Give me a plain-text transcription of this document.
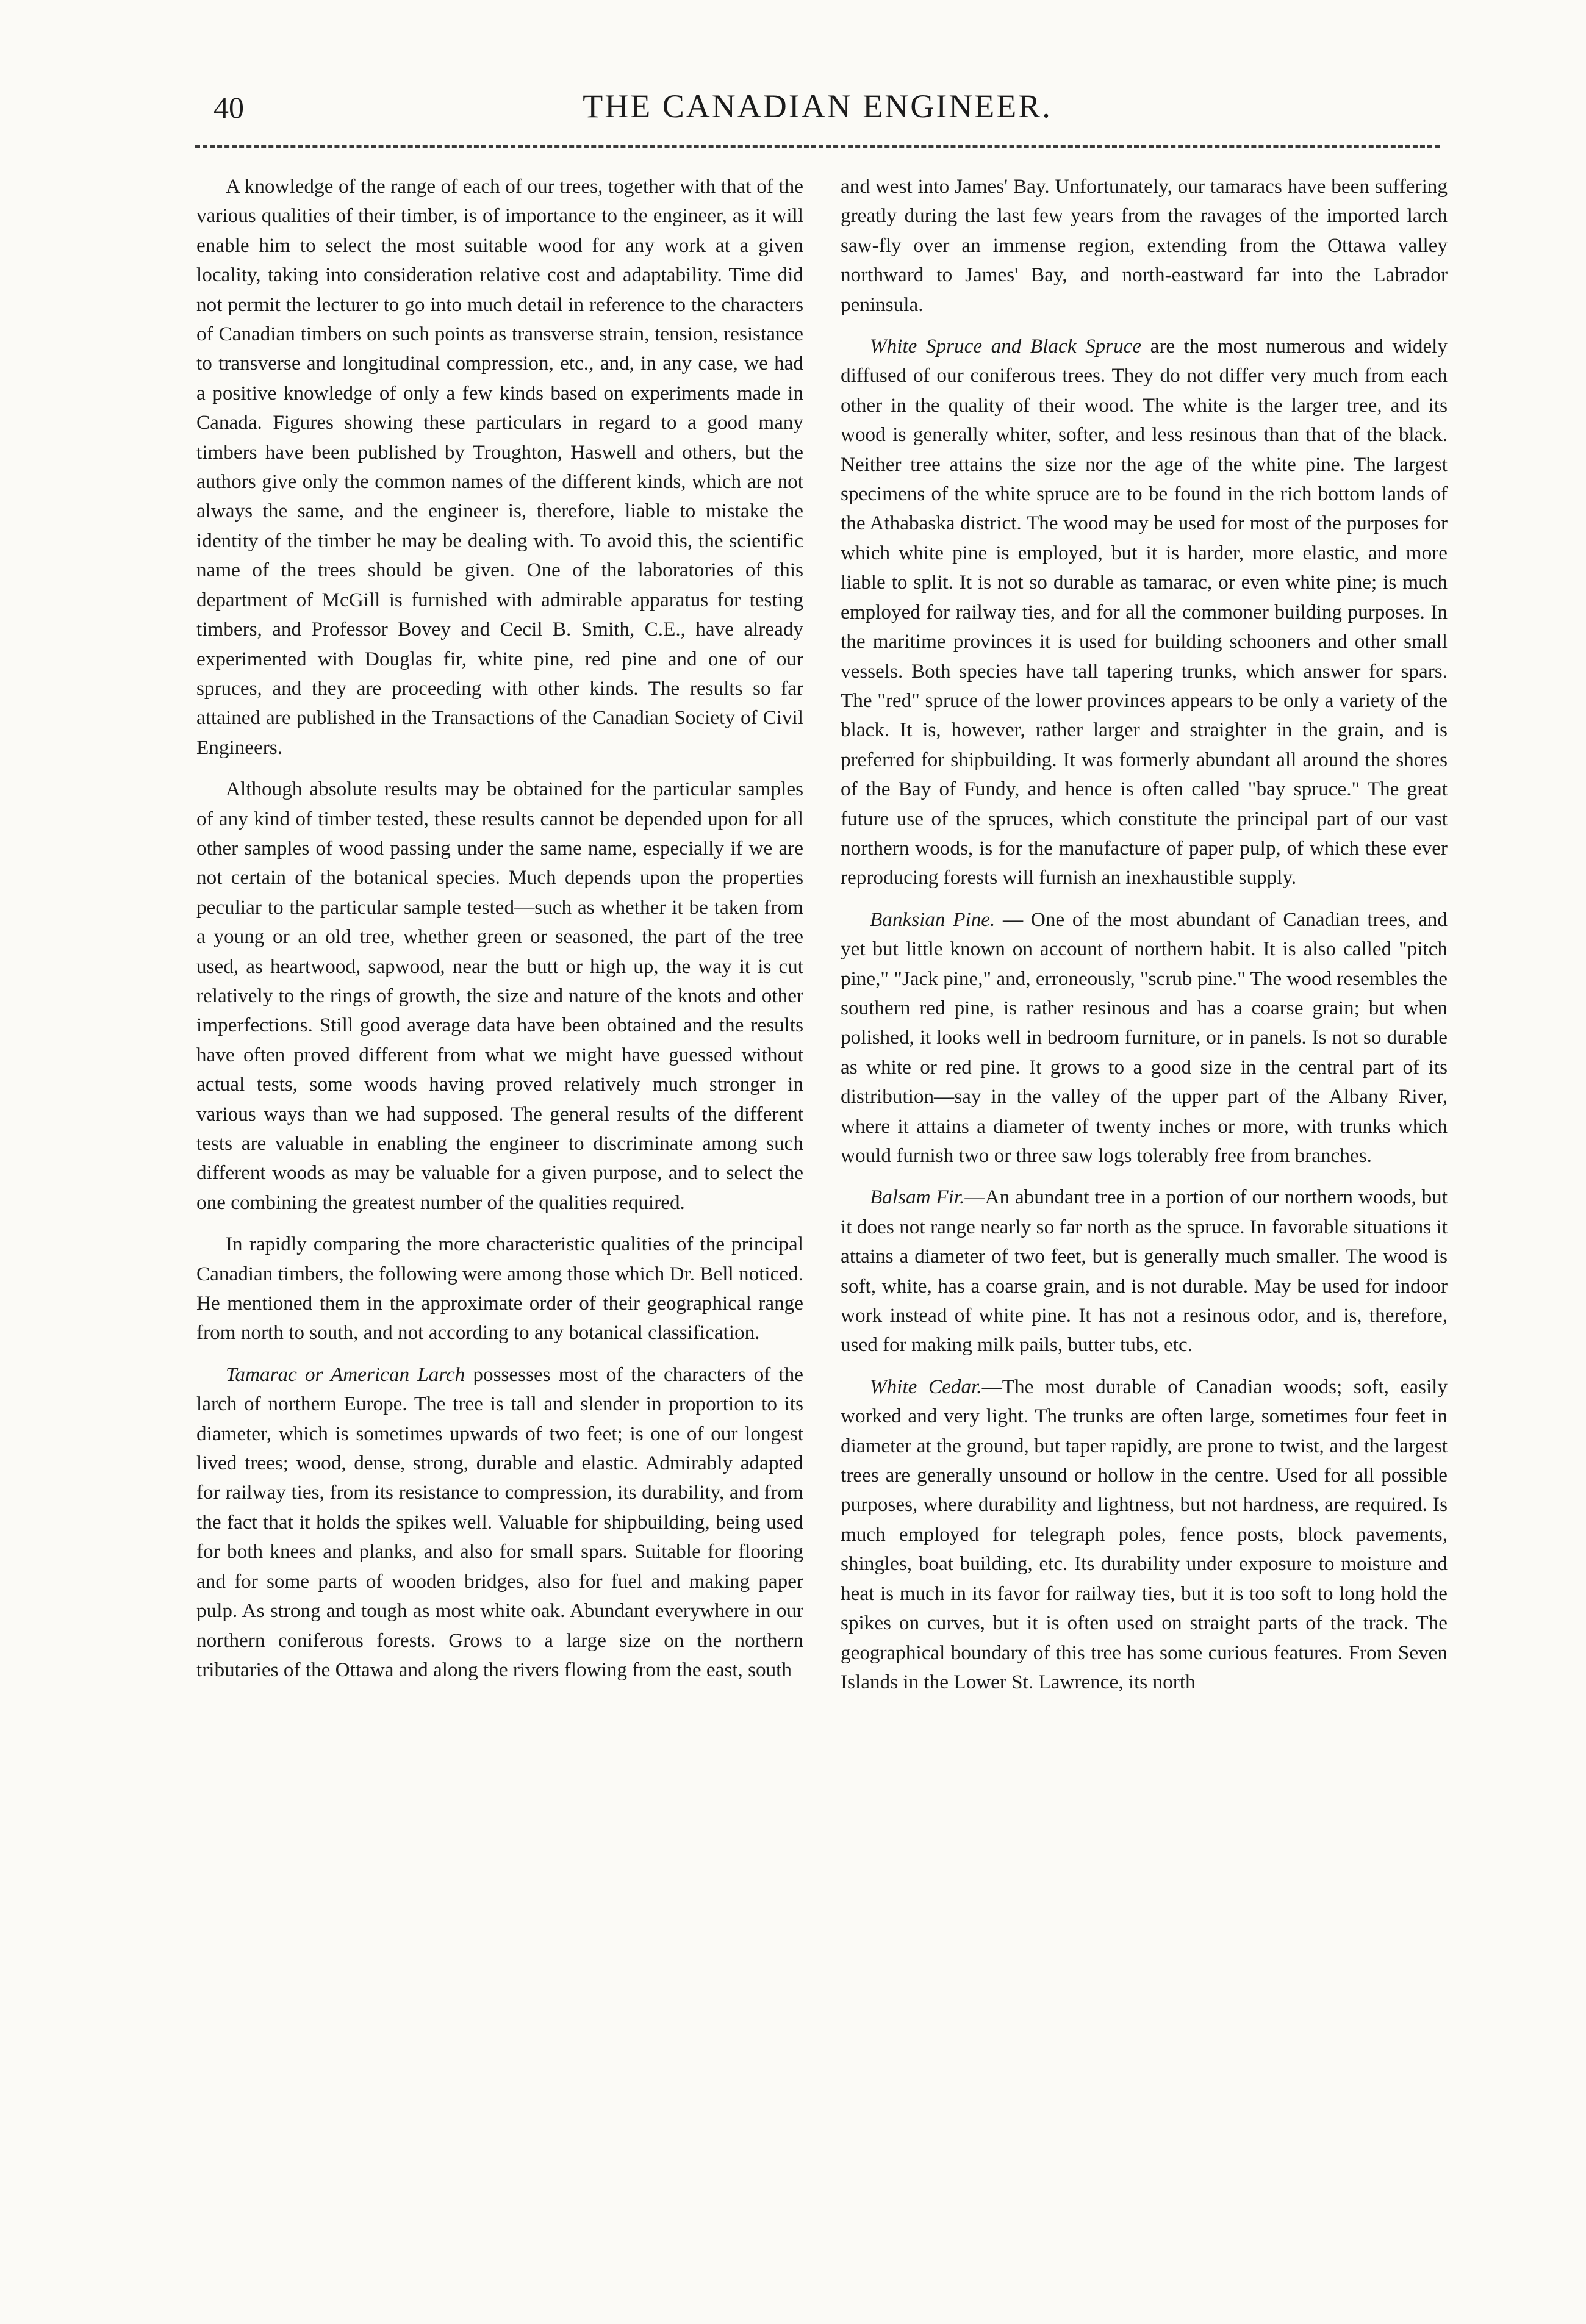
40	THE CANADIAN ENGINEER.

A knowledge of the range of each of our trees, together with that of the various qualities of their timber, is of importance to the engineer, as it will enable him to select the most suitable wood for any work at a given locality, taking into consideration relative cost and adaptability. Time did not permit the lecturer to go into much detail in reference to the characters of Canadian timbers on such points as transverse strain, tension, resistance to transverse and longitudinal compression, etc., and, in any case, we had a positive knowledge of only a few kinds based on experiments made in Canada. Figures showing these particulars in regard to a good many timbers have been published by Troughton, Haswell and others, but the authors give only the common names of the different kinds, which are not always the same, and the engineer is, therefore, liable to mistake the identity of the timber he may be dealing with. To avoid this, the scientific name of the trees should be given. One of the laboratories of this department of McGill is furnished with admirable apparatus for testing timbers, and Professor Bovey and Cecil B. Smith, C.E., have already experimented with Douglas fir, white pine, red pine and one of our spruces, and they are proceeding with other kinds. The results so far attained are published in the Transactions of the Canadian Society of Civil Engineers.

Although absolute results may be obtained for the particular samples of any kind of timber tested, these results cannot be depended upon for all other samples of wood passing under the same name, especially if we are not certain of the botanical species. Much depends upon the properties peculiar to the particular sample tested—such as whether it be taken from a young or an old tree, whether green or seasoned, the part of the tree used, as heartwood, sapwood, near the butt or high up, the way it is cut relatively to the rings of growth, the size and nature of the knots and other imperfections. Still good average data have been obtained and the results have often proved different from what we might have guessed without actual tests, some woods having proved relatively much stronger in various ways than we had supposed. The general results of the different tests are valuable in enabling the engineer to discriminate among such different woods as may be valuable for a given purpose, and to select the one combining the greatest number of the qualities required.

In rapidly comparing the more characteristic qualities of the principal Canadian timbers, the following were among those which Dr. Bell noticed. He mentioned them in the approximate order of their geographical range from north to south, and not according to any botanical classification.

Tamarac or American Larch possesses most of the characters of the larch of northern Europe. The tree is tall and slender in proportion to its diameter, which is sometimes upwards of two feet; is one of our longest lived trees; wood, dense, strong, durable and elastic. Admirably adapted for railway ties, from its resistance to compression, its durability, and from the fact that it holds the spikes well. Valuable for shipbuilding, being used for both knees and planks, and also for small spars. Suitable for flooring and for some parts of wooden bridges, also for fuel and making paper pulp. As strong and tough as most white oak. Abundant everywhere in our northern coniferous forests. Grows to a large size on the northern tributaries of the Ottawa and along the rivers flowing from the east, south

and west into James' Bay. Unfortunately, our tamaracs have been suffering greatly during the last few years from the ravages of the imported larch saw-fly over an immense region, extending from the Ottawa valley northward to James' Bay, and north-eastward far into the Labrador peninsula.

White Spruce and Black Spruce are the most numerous and widely diffused of our coniferous trees. They do not differ very much from each other in the quality of their wood. The white is the larger tree, and its wood is generally whiter, softer, and less resinous than that of the black. Neither tree attains the size nor the age of the white pine. The largest specimens of the white spruce are to be found in the rich bottom lands of the Athabaska district. The wood may be used for most of the purposes for which white pine is employed, but it is harder, more elastic, and more liable to split. It is not so durable as tamarac, or even white pine; is much employed for railway ties, and for all the commoner building purposes. In the maritime provinces it is used for building schooners and other small vessels. Both species have tall tapering trunks, which answer for spars. The "red" spruce of the lower provinces appears to be only a variety of the black. It is, however, rather larger and straighter in the grain, and is preferred for shipbuilding. It was formerly abundant all around the shores of the Bay of Fundy, and hence is often called "bay spruce." The great future use of the spruces, which constitute the principal part of our vast northern woods, is for the manufacture of paper pulp, of which these ever reproducing forests will furnish an inexhaustible supply.

Banksian Pine. — One of the most abundant of Canadian trees, and yet but little known on account of northern habit. It is also called "pitch pine," "Jack pine," and, erroneously, "scrub pine." The wood resembles the southern red pine, is rather resinous and has a coarse grain; but when polished, it looks well in bedroom furniture, or in panels. Is not so durable as white or red pine. It grows to a good size in the central part of its distribution—say in the valley of the upper part of the Albany River, where it attains a diameter of twenty inches or more, with trunks which would furnish two or three saw logs tolerably free from branches.

Balsam Fir.—An abundant tree in a portion of our northern woods, but it does not range nearly so far north as the spruce. In favorable situations it attains a diameter of two feet, but is generally much smaller. The wood is soft, white, has a coarse grain, and is not durable. May be used for indoor work instead of white pine. It has not a resinous odor, and is, therefore, used for making milk pails, butter tubs, etc.

White Cedar.—The most durable of Canadian woods; soft, easily worked and very light. The trunks are often large, sometimes four feet in diameter at the ground, but taper rapidly, are prone to twist, and the largest trees are generally unsound or hollow in the centre. Used for all possible purposes, where durability and lightness, but not hardness, are required. Is much employed for telegraph poles, fence posts, block pavements, shingles, boat building, etc. Its durability under exposure to moisture and heat is much in its favor for railway ties, but it is too soft to long hold the spikes on curves, but it is often used on straight parts of the track. The geographical boundary of this tree has some curious features. From Seven Islands in the Lower St. Lawrence, its north
